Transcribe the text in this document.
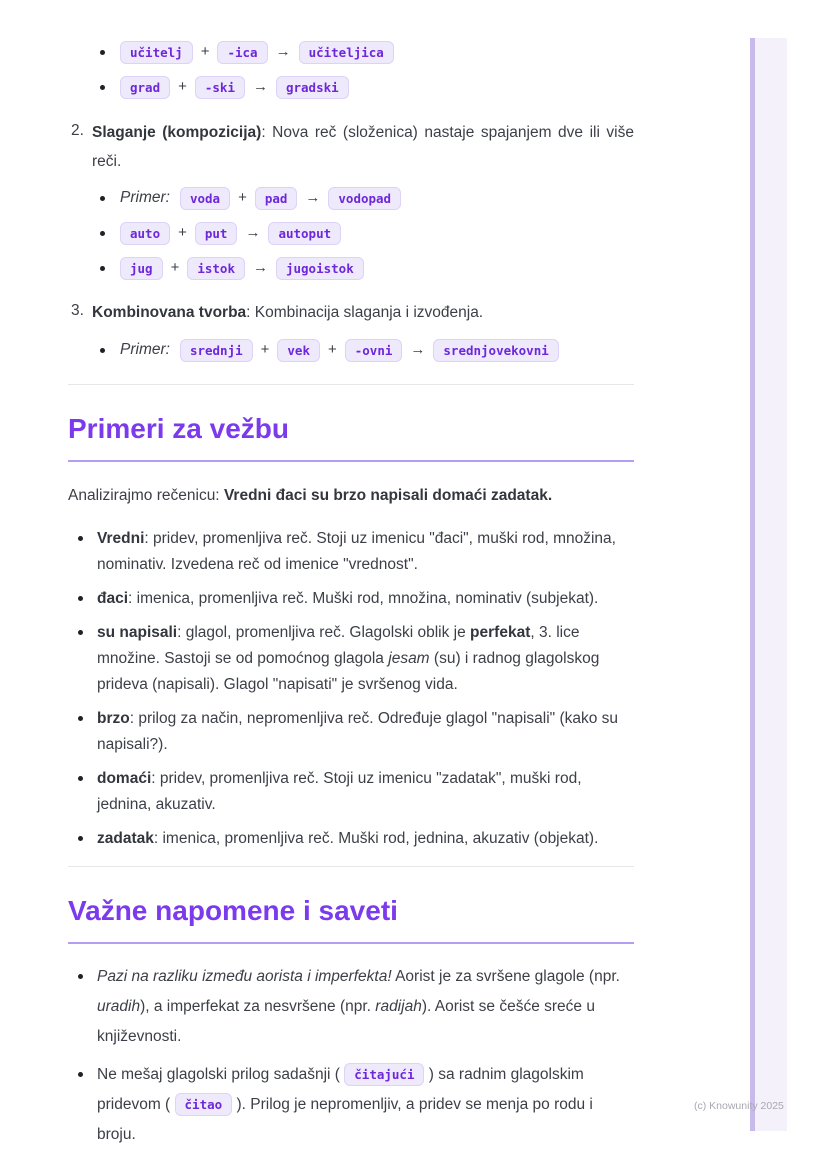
učitelj	+	-ica	→	učiteljica
grad	+	-ski	→	gradski
2. Slaganje (kompozicija): Nova reč (složenica) nastaje spajanjem dve ili više reči.
Primer:	voda	+	pad	→	vodopad
auto	+	put	→	autoput
jug	+	istok	→	jugoistok
3. Kombinovana tvorba: Kombinacija slaganja i izvođenja.
Primer:	srednji	+	vek	+	-ovni	→	srednjovekovni
Primeri za vežbu

Analizirajmo rečenicu: Vredni đaci su brzo napisali domaći zadatak.

Vredni: pridev, promenljiva reč. Stoji uz imenicu "đaci", muški rod, množina, nominativ. Izvedena reč od imenice "vrednost".
đaci: imenica, promenljiva reč. Muški rod, množina, nominativ (subjekat).
su napisali: glagol, promenljiva reč. Glagolski oblik je perfekat, 3. lice množine. Sastoji se od pomoćnog glagola jesam (su) i radnog glagolskog prideva (napisali). Glagol "napisati" je svršenog vida.
brzo: prilog za način, nepromenljiva reč. Određuje glagol "napisali" (kako su napisali?).
domaći: pridev, promenljiva reč. Stoji uz imenicu "zadatak", muški rod, jednina, akuzativ.
zadatak: imenica, promenljiva reč. Muški rod, jednina, akuzativ (objekat).
Važne napomene i saveti
Pazi na razliku između aorista i imperfekta! Aorist je za svršene glagole (npr. uradih), a imperfekat za nesvršene (npr. radijah). Aorist se češće sreće u književnosti.
Ne mešaj glagolski prilog sadašnji ( čitajući ) sa radnim glagolskim pridevom ( čitao ). Prilog je nepromenljiv, a pridev se menja po rodu i broju.
(c) Knowunity 2025
